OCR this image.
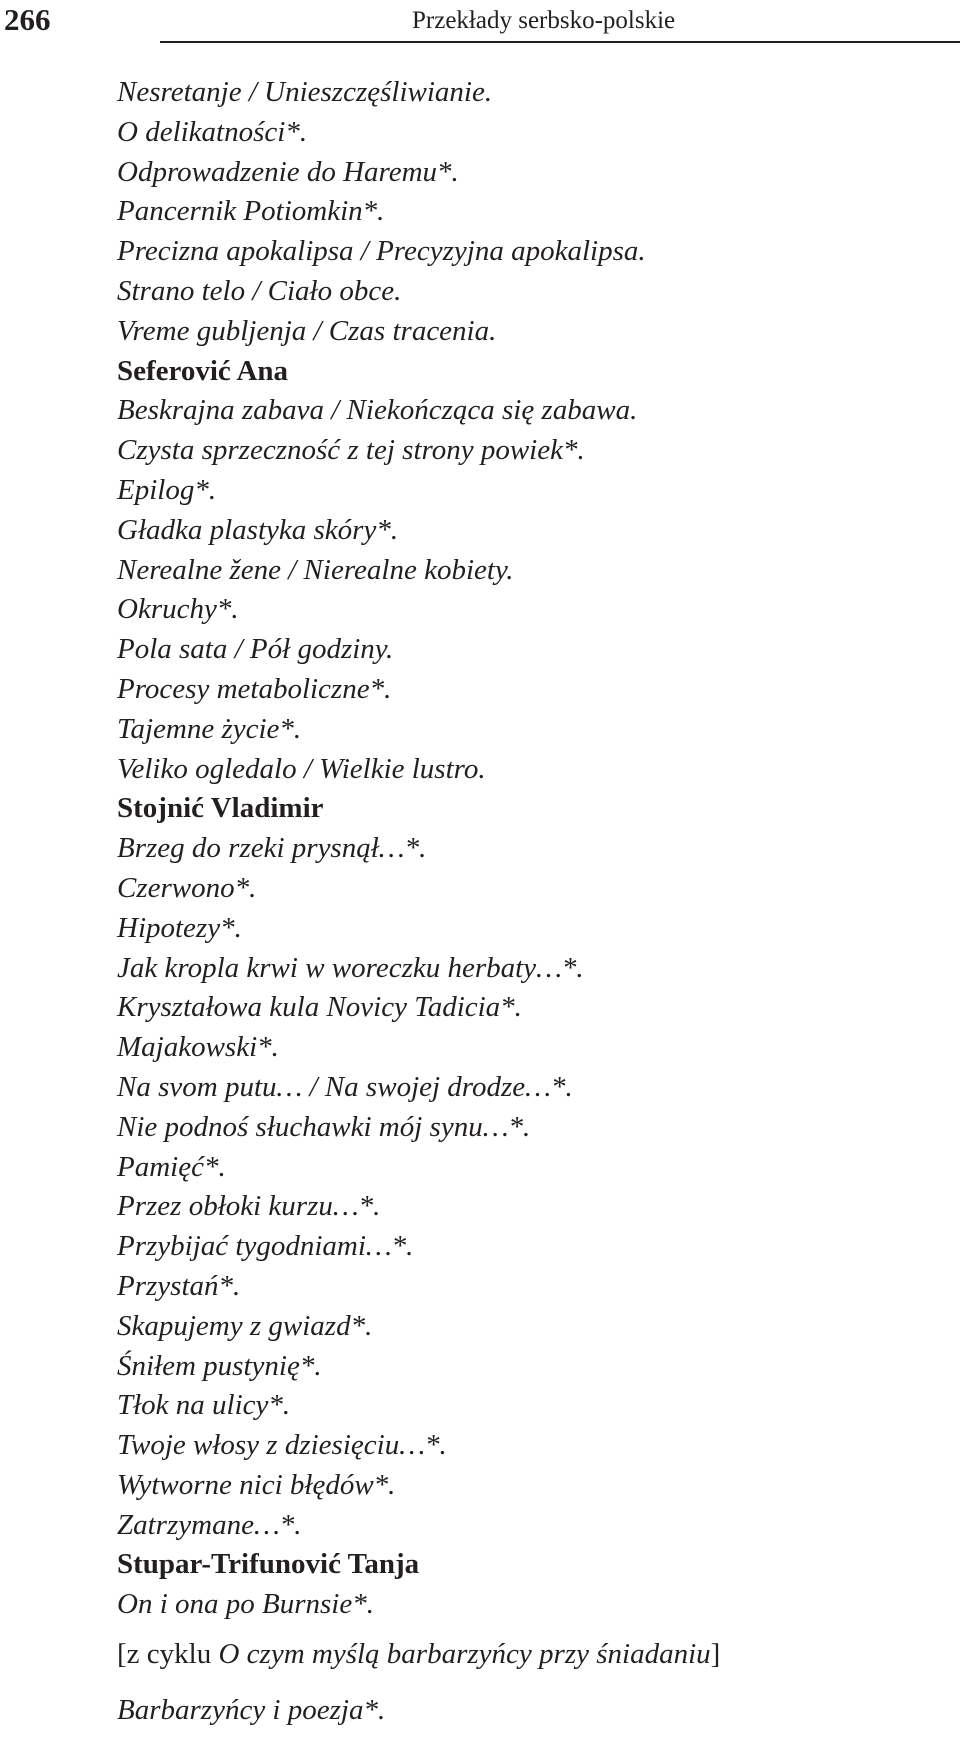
266	Przekłady serbsko-polskie
Nesretanje / Unieszczęśliwianie.
O delikatności*.
Odprowadzenie do Haremu*.
Pancernik Potiomkin*.
Precizna apokalipsa / Precyzyjna apokalipsa.
Strano telo / Ciało obce.
Vreme gubljenja / Czas tracenia.
Seferović Ana
Beskrajna zabava / Niekończąca się zabawa.
Czysta sprzeczność z tej strony powiek*.
Epilog*.
Gładka plastyka skóry*.
Nerealne žene / Nierealne kobiety.
Okruchy*.
Pola sata / Pół godziny.
Procesy metaboliczne*.
Tajemne życie*.
Veliko ogledalo / Wielkie lustro.
Stojnić Vladimir
Brzeg do rzeki prysnął…*.
Czerwono*.
Hipotezy*.
Jak kropla krwi w woreczku herbaty…*.
Kryształowa kula Novicy Tadicia*.
Majakowski*.
Na svom putu… / Na swojej drodze…*.
Nie podnoś słuchawki mój synu…*.
Pamięć*.
Przez obłoki kurzu…*.
Przybijać tygodniami…*.
Przystań*.
Skapujemy z gwiazd*.
Śniłem pustynię*.
Tłok na ulicy*.
Twoje włosy z dziesięciu…*.
Wytworne nici błędów*.
Zatrzymane…*.
Stupar-Trifunović Tanja
On i ona po Burnsie*.
[z cyklu O czym myślą barbarzyńcy przy śniadaniu]
Barbarzyńcy i poezja*.
